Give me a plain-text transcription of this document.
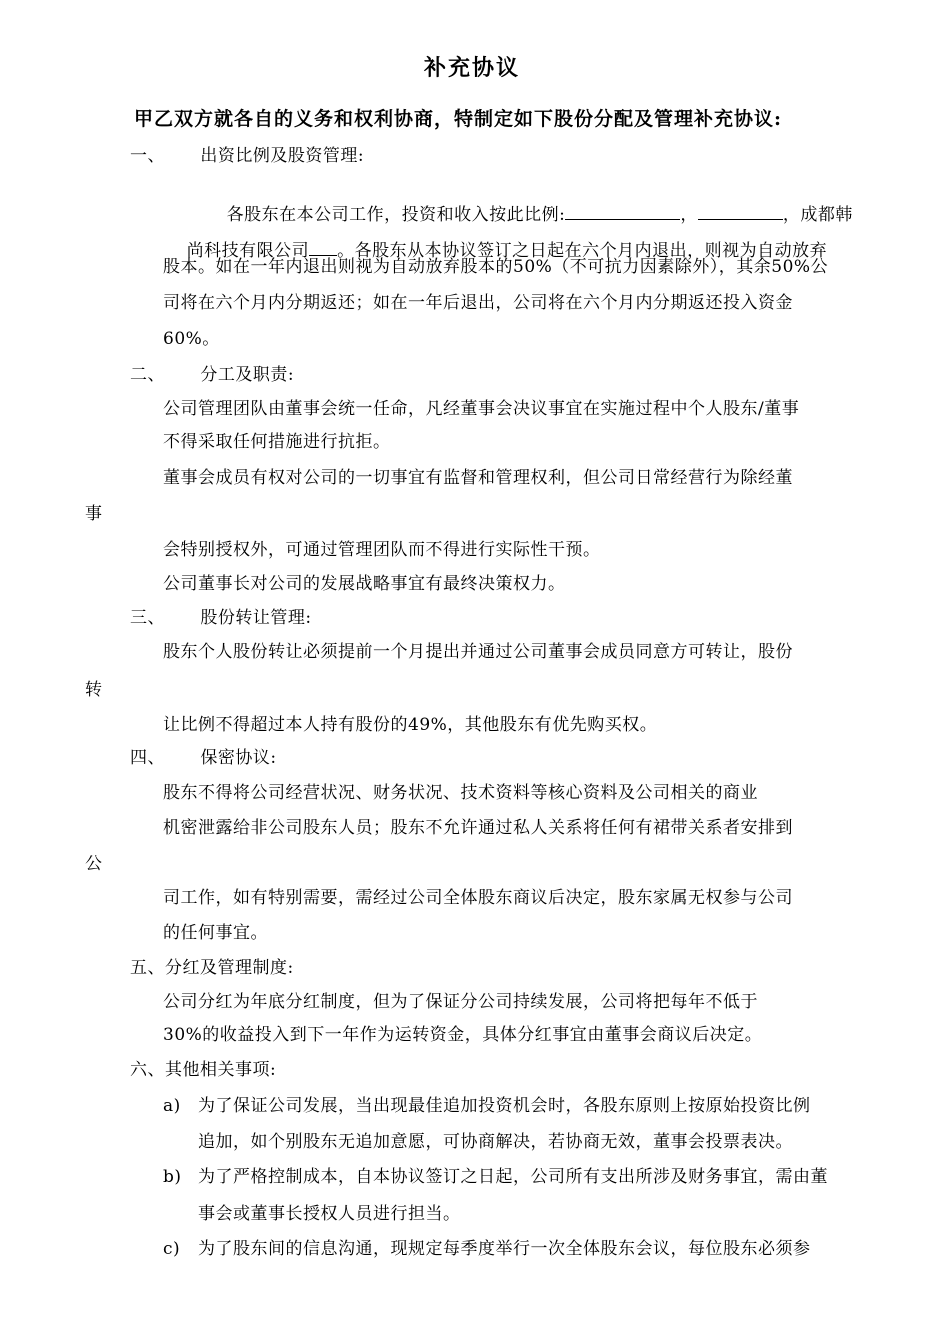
补充协议
甲乙双方就各自的义务和权利协商，特制定如下股份分配及管理补充协议:
一、      出资比例及股资管理:

各股东在本公司工作，投资和收入按此比例:	，	，成都韩

尚科技有限公司 。各股东从本协议签订之日起在六个月内退出，则视为自动放弃

股本。如在一年内退出则视为自动放弃股本的50%（不可抗力因素除外），其余50%公
司将在六个月内分期返还；如在一年后退出，公司将在六个月内分期返还投入资金
60%。
二、      分工及职责:
公司管理团队由董事会统一任命，凡经董事会决议事宜在实施过程中个人股东/董事
不得采取任何措施进行抗拒。
董事会成员有权对公司的一切事宜有监督和管理权利，但公司日常经营行为除经董
事
会特别授权外，可通过管理团队而不得进行实际性干预。
公司董事长对公司的发展战略事宜有最终决策权力。
三、      股份转让管理:
股东个人股份转让必须提前一个月提出并通过公司董事会成员同意方可转让，股份
转
让比例不得超过本人持有股份的49%，其他股东有优先购买权。
四、      保密协议:
股东不得将公司经营状况、财务状况、技术资料等核心资料及公司相关的商业
机密泄露给非公司股东人员；股东不允许通过私人关系将任何有裙带关系者安排到
公
司工作，如有特别需要，需经过公司全体股东商议后决定，股东家属无权参与公司
的任何事宜。
五、分红及管理制度:
公司分红为年底分红制度，但为了保证分公司持续发展，公司将把每年不低于
30%的收益投入到下一年作为运转资金，具体分红事宜由董事会商议后决定。
六、其他相关事项:
a) 为了保证公司发展，当出现最佳追加投资机会时，各股东原则上按原始投资比例
追加，如个别股东无追加意愿，可协商解决，若协商无效，董事会投票表决。
b) 为了严格控制成本，自本协议签订之日起，公司所有支出所涉及财务事宜，需由董
事会或董事长授权人员进行担当。
c) 为了股东间的信息沟通，现规定每季度举行一次全体股东会议，每位股东必须参
